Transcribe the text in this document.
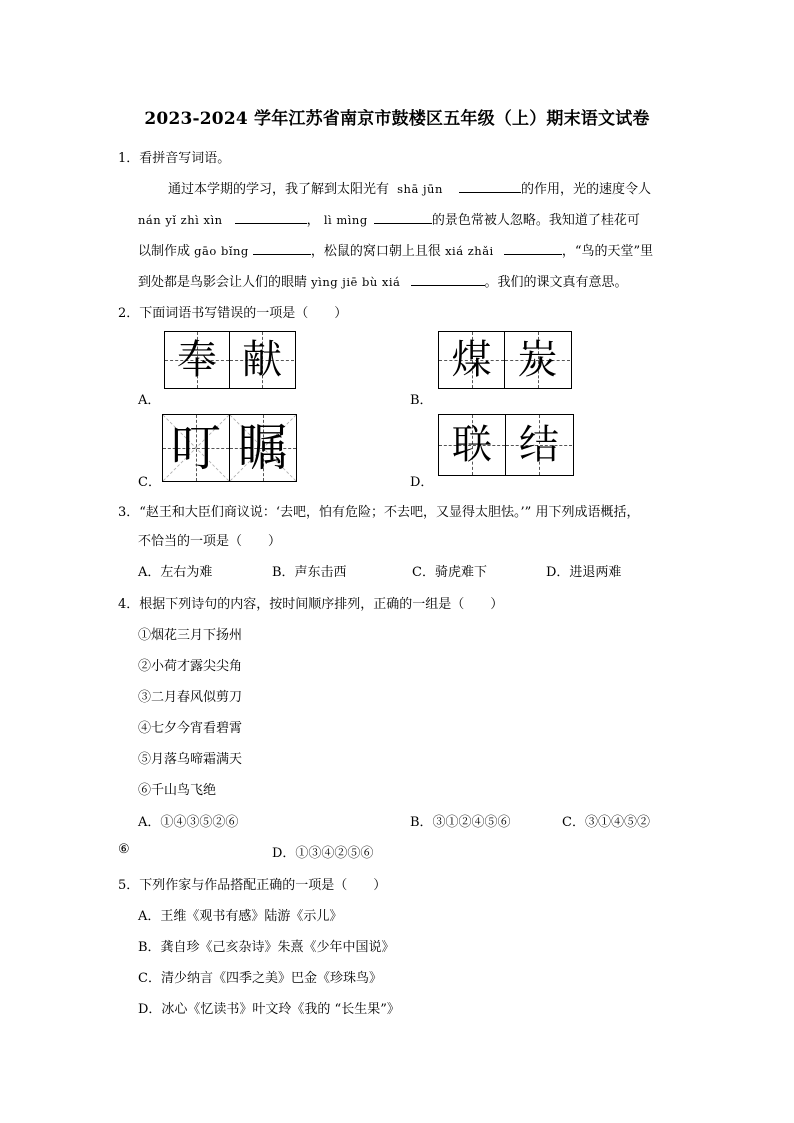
2023-2024 学年江苏省南京市鼓楼区五年级（上）期末语文试卷
1．看拼音写词语。
通过本学期的学习，我了解到太阳光有 shā jūn	的作用，光的速度令人
nán yǐ zhì xìn	， lì mìng	的景色常被人忽略。我知道了桂花可
以制作成 gāo bǐng	，松鼠的窝口朝上且很 xiá zhǎi	，“鸟的天堂”里
到处都是鸟影会让人们的眼睛 yìng jiē bù xiá	。我们的课文真有意思。
2．下面词语书写错误的一项是（　　）
A．
奉 献
B．
煤 炭
C．
叮 瞩
D．
联 结
3．“赵王和大臣们商议说：‘去吧，怕有危险；不去吧，又显得太胆怯。’” 用下列成语概括，
不恰当的一项是（　　）
A．左右为难	B．声东击西	C．骑虎难下	D．进退两难
4．根据下列诗句的内容，按时间顺序排列，正确的一组是（　　）
①烟花三月下扬州
②小荷才露尖尖角
③二月春风似剪刀
④七夕今宵看碧霄
⑤月落乌啼霜满天
⑥千山鸟飞绝
A．①④③⑤②⑥	B．③①②④⑤⑥	C．③①④⑤②
⑥	D．①③④②⑤⑥
5．下列作家与作品搭配正确的一项是（　　）
A．王维《观书有感》陆游《示儿》
B．龚自珍《己亥杂诗》朱熹《少年中国说》
C．清少纳言《四季之美》巴金《珍珠鸟》
D．冰心《忆读书》叶文玲《我的 “长生果”》
